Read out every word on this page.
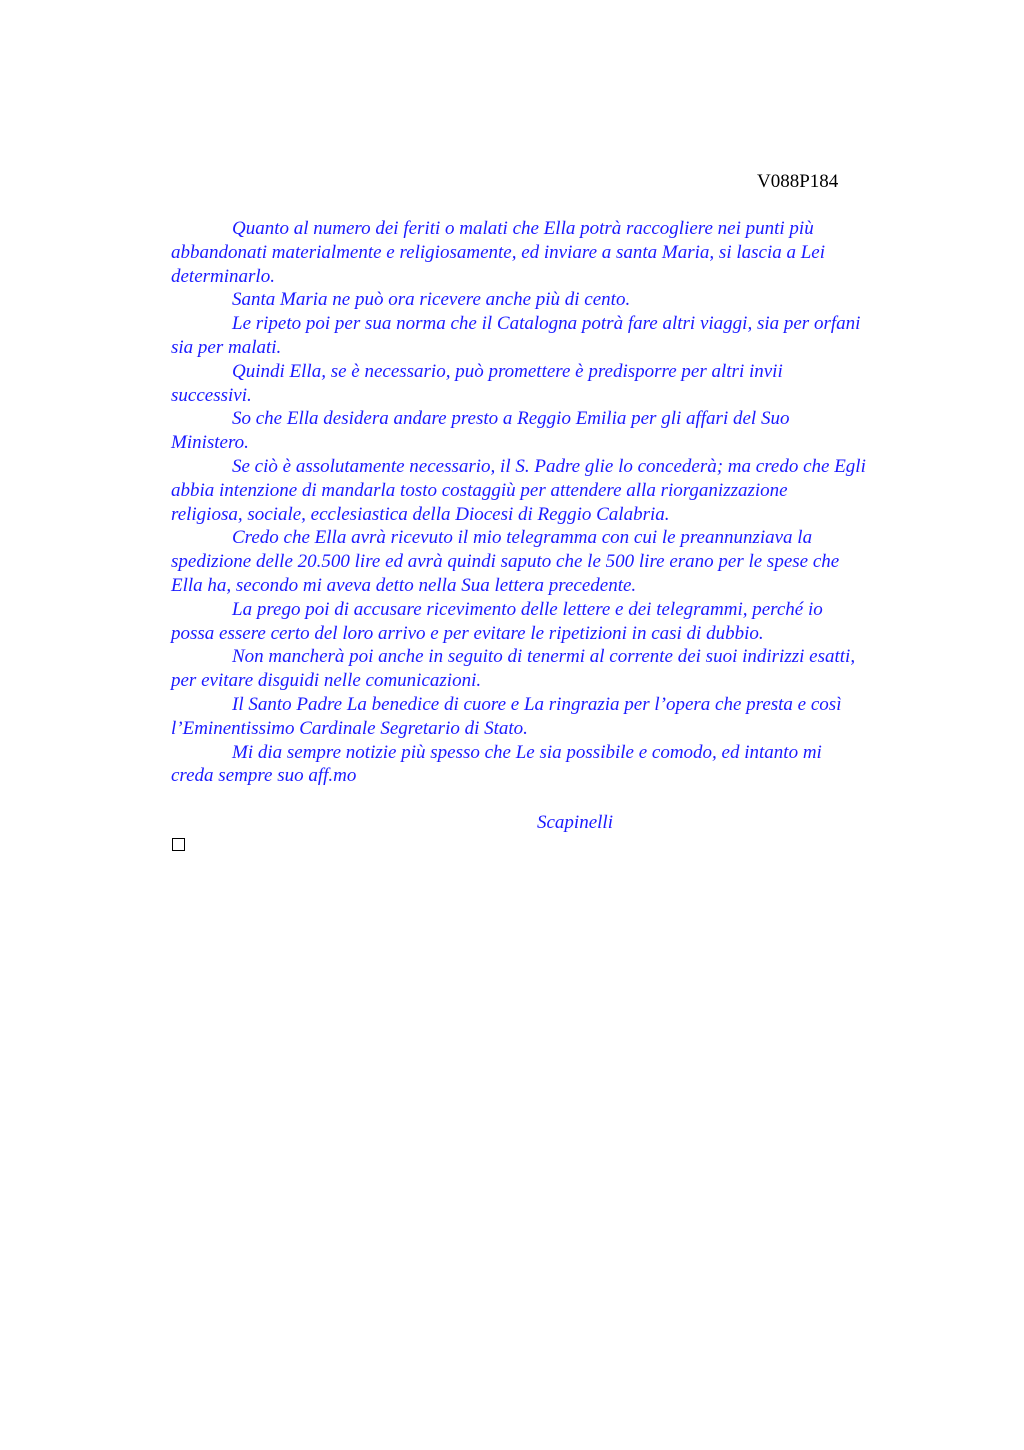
V088P184

Quanto al numero dei feriti o malati che Ella potrà raccogliere nei punti più
abbandonati materialmente e religiosamente, ed inviare a santa Maria, si lascia a Lei
determinarlo.

Santa Maria ne può ora ricevere anche più di cento.

Le ripeto poi per sua norma che il Catalogna potrà fare altri viaggi, sia per orfani
sia per malati.

Quindi Ella, se è necessario, può promettere è predisporre per altri invii
successivi.

So che Ella desidera andare presto a Reggio Emilia per gli affari del Suo
Ministero.

Se ciò è assolutamente necessario, il S. Padre glie lo concederà; ma credo che Egli
abbia intenzione di mandarla tosto costaggiù per attendere alla riorganizzazione
religiosa, sociale, ecclesiastica della Diocesi di Reggio Calabria.

Credo che Ella avrà ricevuto il mio telegramma con cui le preannunziava la
spedizione delle 20.500 lire ed avrà quindi saputo che le 500 lire erano per le spese che
Ella ha, secondo mi aveva detto nella Sua lettera precedente.

La prego poi di accusare ricevimento delle lettere e dei telegrammi, perché io
possa essere certo del loro arrivo e per evitare le ripetizioni in casi di dubbio.

Non mancherà poi anche in seguito di tenermi al corrente dei suoi indirizzi esatti,
per evitare disguidi nelle comunicazioni.

Il Santo Padre La benedice di cuore e La ringrazia per l’opera che presta e così
l’Eminentissimo Cardinale Segretario di Stato.

Mi dia sempre notizie più spesso che Le sia possibile e comodo, ed intanto mi
creda sempre suo aff.mo

Scapinelli
